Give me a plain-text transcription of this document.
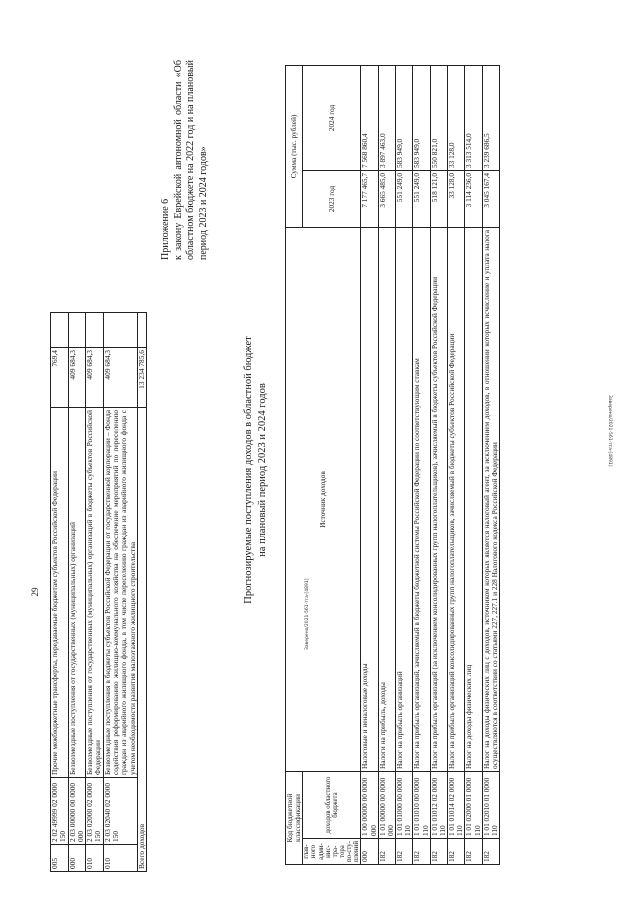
29
005	2 02 49999 02 0000 150	Прочие межбюджетные трансферты, передаваемые бюджетам субъектов Российской Федерации	769,4	
000	2 03 00000 00 0000 000	Безвозмездные поступления от государственных (муниципальных) организаций	409 684,3	
010	2 03 02000 02 0000 150	Безвозмездные поступления от государственных (муниципальных) организаций в бюджеты субъектов Российской Федерации	409 684,3	
010	2 03 02040 02 0000 150	Безвозмездные поступления в бюджеты субъектов Российской Федерации от государственной корпорации – Фонда содействия реформированию жилищно-коммунального хозяйства на обеспечение мероприятий по переселению граждан из аварийного жилищного фонда, в том числе переселению граждан из аварийного жилищного фонда с учетом необходимости развития малоэтажного жилищного строительства	409 684,3	
Всего доходов			13 234 785,6	
Заверено/2021-561-тга-[4891]
Приложение 6 к закону Еврейской автономной области «Об областном бюджете на 2022 год и на плановый период 2023 и 2024 годов»
Прогнозируемые поступления доходов в областной бюджет на плановый период 2023 и 2024 годов
Код бюджетной классификации		Источник доходов	Сумма (тыс. рублей)	
глав-ного адми-нис-тра-тора по-сту-плений	доходов областного бюджета		2023 год	2024 год
000	1 00 00000 00 0000 000	Налоговые и неналоговые доходы	7 177 465,7	7 568 860,4
182	1 01 00000 00 0000 000	Налоги на прибыль, доходы	3 665 485,0	3 897 463,0
182	1 01 01000 00 0000 110	Налог на прибыль организаций	551 249,0	583 949,0
182	1 01 01010 00 0000 110	Налог на прибыль организаций, зачисляемый в бюджеты бюджетной системы Российской Федерации по соответствующим ставкам	551 249,0	583 949,0
182	1 01 01012 02 0000 110	Налог на прибыль организаций (за исключением консолидированных групп налогоплательщиков), зачисляемый в бюджеты субъектов Российской Федерации	518 121,0	550 821,0
182	1 01 01014 02 0000 110	Налог на прибыль организаций консолидированных групп налогоплательщиков, зачисляемый в бюджеты субъектов Российской Федерации	33 128,0	33 128,0
182	1 01 02000 01 0000 110	Налог на доходы физических лиц	3 114 236,0	3 313 514,0
182	1 01 02010 01 0000 110	Налог на доходы физических лиц с доходов, источником которых является налоговый агент, за исключением доходов, в отношении которых исчисление и уплата налога осуществляются в соответствии со статьями 227, 227.1 и 228 Налогового кодекса Российской Федерации	3 045 167,4	3 239 686,5
Заверено/2021-561-тга-[4891]
